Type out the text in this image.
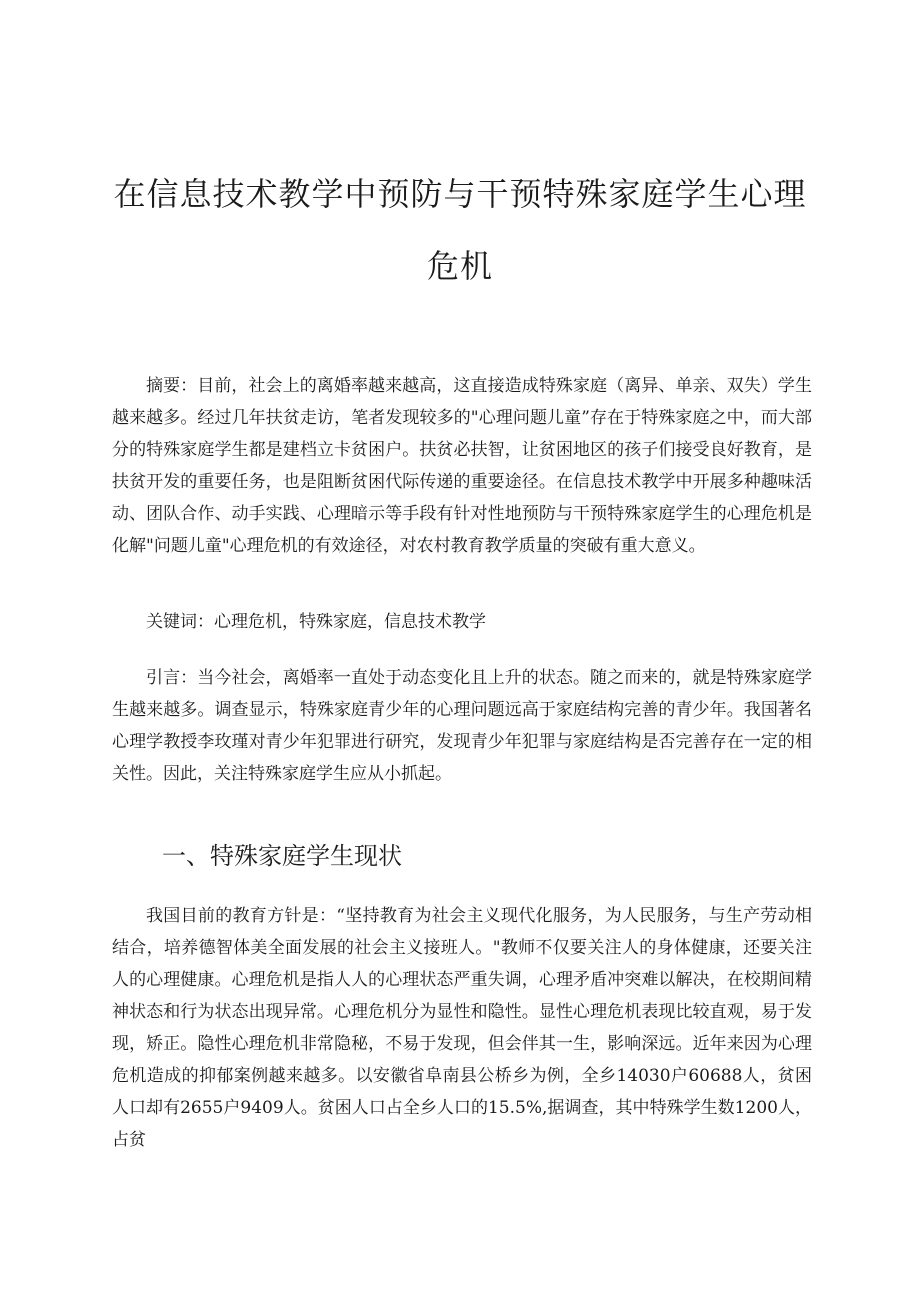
在信息技术教学中预防与干预特殊家庭学生心理危机

摘要：目前，社会上的离婚率越来越高，这直接造成特殊家庭（离异、单亲、双失）学生越来越多。经过几年扶贫走访，笔者发现较多的"心理问题儿童”存在于特殊家庭之中，而大部分的特殊家庭学生都是建档立卡贫困户。扶贫必扶智，让贫困地区的孩子们接受良好教育，是扶贫开发的重要任务，也是阻断贫困代际传递的重要途径。在信息技术教学中开展多种趣味活动、团队合作、动手实践、心理暗示等手段有针对性地预防与干预特殊家庭学生的心理危机是化解"问题儿童"心理危机的有效途径，对农村教育教学质量的突破有重大意义。

关键词：心理危机，特殊家庭，信息技术教学

引言：当今社会，离婚率一直处于动态变化且上升的状态。随之而来的，就是特殊家庭学生越来越多。调查显示，特殊家庭青少年的心理问题远高于家庭结构完善的青少年。我国著名心理学教授李玫瑾对青少年犯罪进行研究，发现青少年犯罪与家庭结构是否完善存在一定的相关性。因此，关注特殊家庭学生应从小抓起。

一、特殊家庭学生现状

我国目前的教育方针是：“坚持教育为社会主义现代化服务，为人民服务，与生产劳动相结合，培养德智体美全面发展的社会主义接班人。"教师不仅要关注人的身体健康，还要关注人的心理健康。心理危机是指人人的心理状态严重失调，心理矛盾冲突难以解决，在校期间精神状态和行为状态出现异常。心理危机分为显性和隐性。显性心理危机表现比较直观，易于发现，矫正。隐性心理危机非常隐秘，不易于发现，但会伴其一生，影响深远。近年来因为心理危机造成的抑郁案例越来越多。以安徽省阜南县公桥乡为例，全乡14030户60688人，贫困人口却有2655户9409人。贫困人口占全乡人口的15.5%,据调查，其中特殊学生数1200人，占贫
